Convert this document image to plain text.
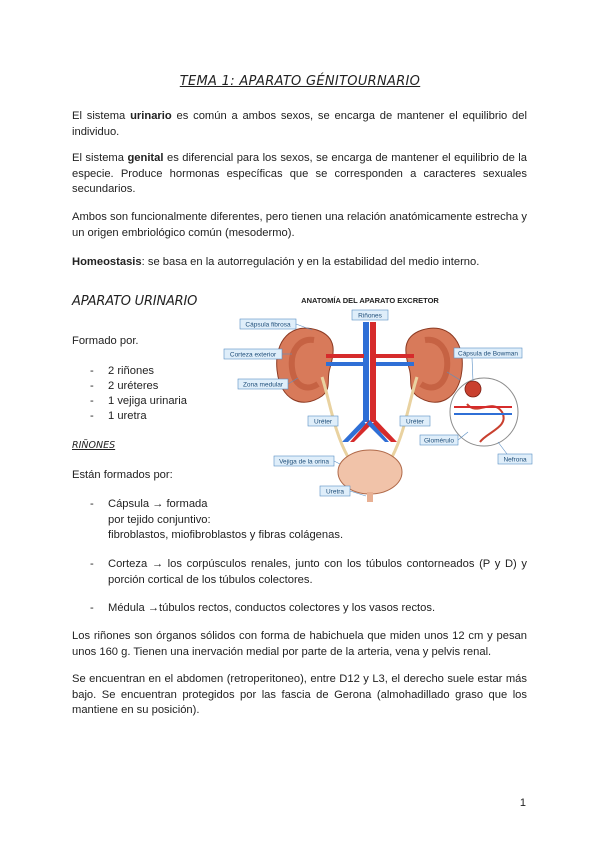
TEMA 1: APARATO GÉNITOURNARIO
El sistema urinario es común a ambos sexos, se encarga de mantener el equilibrio del individuo.
El sistema genital es diferencial para los sexos, se encarga de mantener el equilibrio de la especie. Produce hormonas específicas que se corresponden a caracteres sexuales secundarios.
Ambos son funcionalmente diferentes, pero tienen una relación anatómicamente estrecha y un origen embriológico común (mesodermo).
Homeostasis: se basa en la autorregulación y en la estabilidad del medio interno.
APARATO URINARIO
Formado por.
-	2 riñones
-	2 uréteres
-	1 vejiga urinaria
-	1 uretra
RIÑONES
Están formados por:
ANATOMÍA DEL APARATO EXCRETOR
Riñones
Cápsula fibrosa
Corteza exterior
Zona medular
Uréter	Uréter
Vejiga de la orina
Uretra
Cápsula de Bowman
Glomérulo
Nefrona
-	Cápsula → formada
por tejido conjuntivo:
fibroblastos, miofibroblastos y fibras colágenas.
-	Corteza → los corpúsculos renales, junto con los túbulos contorneados (P y D) y porción cortical de los túbulos colectores.
-	Médula →túbulos rectos, conductos colectores y los vasos rectos.
Los riñones son órganos sólidos con forma de habichuela que miden unos 12 cm y pesan unos 160 g. Tienen una inervación medial por parte de la arteria, vena y pelvis renal.
Se encuentran en el abdomen (retroperitoneo), entre D12 y L3, el derecho suele estar más bajo. Se encuentran protegidos por las fascia de Gerona (almohadillado graso que los mantiene en su posición).
1
